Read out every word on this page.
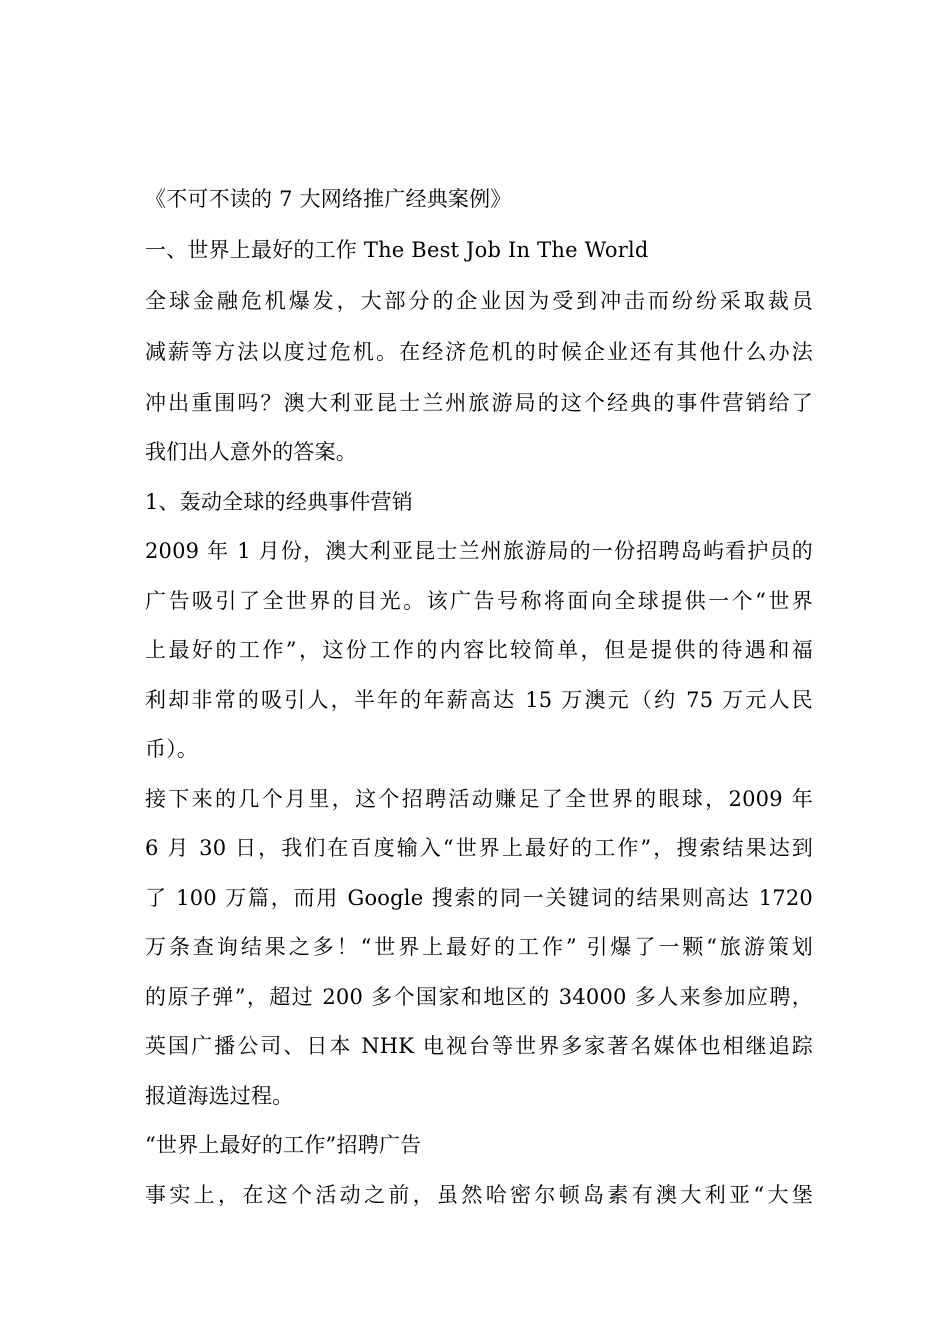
《不可不读的 7 大网络推广经典案例》
一、世界上最好的工作 The Best Job In The World
全球金融危机爆发，大部分的企业因为受到冲击而纷纷采取裁员
减薪等方法以度过危机。在经济危机的时候企业还有其他什么办法
冲出重围吗？澳大利亚昆士兰州旅游局的这个经典的事件营销给了
我们出人意外的答案。
1、轰动全球的经典事件营销
2009 年 1 月份，澳大利亚昆士兰州旅游局的一份招聘岛屿看护员的
广告吸引了全世界的目光。该广告号称将面向全球提供一个“世界
上最好的工作”，这份工作的内容比较简单，但是提供的待遇和福
利却非常的吸引人，半年的年薪高达 15 万澳元（约 75 万元人民
币）。
接下来的几个月里，这个招聘活动赚足了全世界的眼球，2009 年
6 月 30 日，我们在百度输入“世界上最好的工作”，搜索结果达到
了 100 万篇，而用 Google 搜索的同一关键词的结果则高达 1720
万条查询结果之多！“世界上最好的工作” 引爆了一颗“旅游策划
的原子弹”，超过 200 多个国家和地区的 34000 多人来参加应聘，
英国广播公司、日本 NHK 电视台等世界多家著名媒体也相继追踪
报道海选过程。
“世界上最好的工作”招聘广告
事实上，在这个活动之前，虽然哈密尔顿岛素有澳大利亚“大堡
